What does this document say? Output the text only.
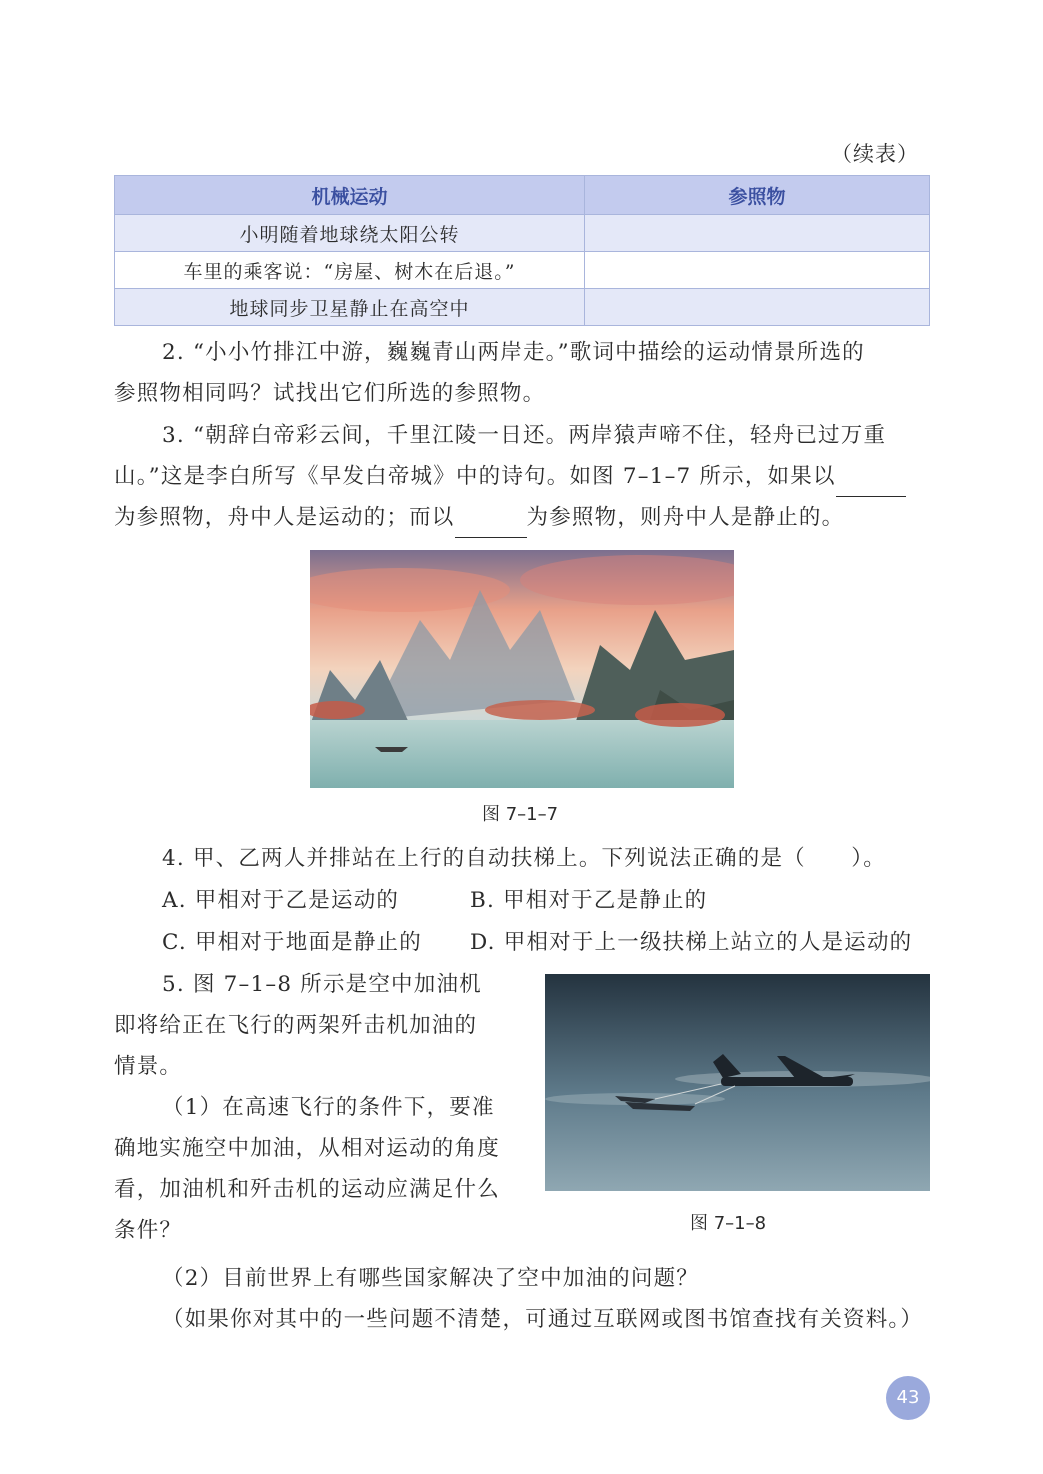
（续表）
机械运动	参照物
小明随着地球绕太阳公转	
车里的乘客说：“房屋、树木在后退。”	
地球同步卫星静止在高空中	
2. “小小竹排江中游，巍巍青山两岸走。”歌词中描绘的运动情景所选的
参照物相同吗？试找出它们所选的参照物。
3. “朝辞白帝彩云间，千里江陵一日还。两岸猿声啼不住，轻舟已过万重
山。”这是李白所写《早发白帝城》中的诗句。如图 7–1–7 所示，如果以
为参照物，舟中人是运动的；而以	为参照物，则舟中人是静止的。
图 7–1–7
4. 甲、乙两人并排站在上行的自动扶梯上。下列说法正确的是（　　）。
A. 甲相对于乙是运动的	B. 甲相对于乙是静止的
C. 甲相对于地面是静止的 D. 甲相对于上一级扶梯上站立的人是运动的
5. 图 7–1–8 所示是空中加油机
即将给正在飞行的两架歼击机加油的
情景。
（1）在高速飞行的条件下，要准
确地实施空中加油，从相对运动的角度
看，加油机和歼击机的运动应满足什么
条件？	图 7–1–8
（2）目前世界上有哪些国家解决了空中加油的问题？
（如果你对其中的一些问题不清楚，可通过互联网或图书馆查找有关资料。）
43
